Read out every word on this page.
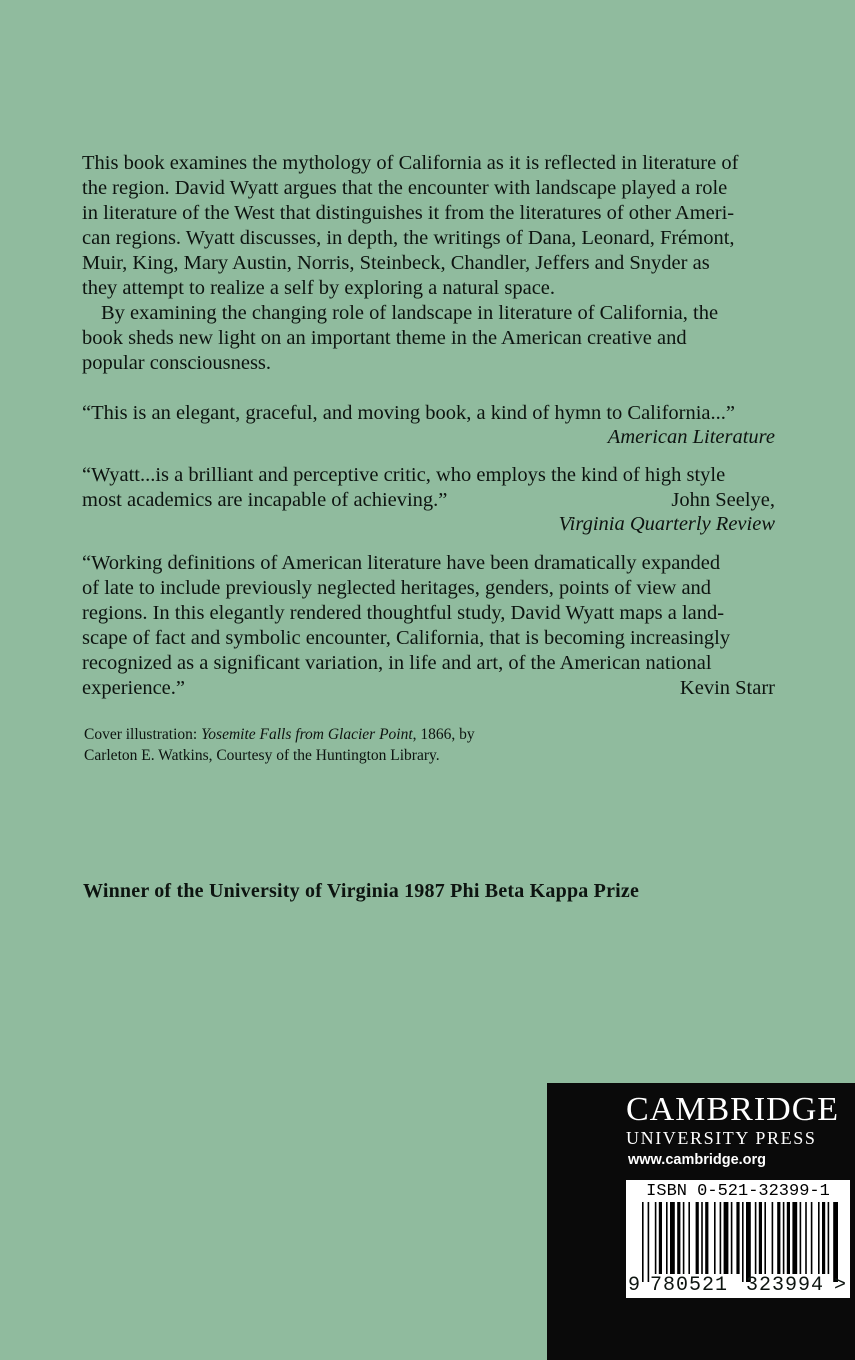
This book examines the mythology of California as it is reflected in literature of
the region. David Wyatt argues that the encounter with landscape played a role
in literature of the West that distinguishes it from the literatures of other Ameri-
can regions. Wyatt discusses, in depth, the writings of Dana, Leonard, Frémont,
Muir, King, Mary Austin, Norris, Steinbeck, Chandler, Jeffers and Snyder as
they attempt to realize a self by exploring a natural space.
By examining the changing role of landscape in literature of California, the
book sheds new light on an important theme in the American creative and
popular consciousness.
“This is an elegant, graceful, and moving book, a kind of hymn to California...”
American Literature
“Wyatt...is a brilliant and perceptive critic, who employs the kind of high style
most academics are incapable of achieving.”	John Seelye,
Virginia Quarterly Review
“Working definitions of American literature have been dramatically expanded
of late to include previously neglected heritages, genders, points of view and
regions. In this elegantly rendered thoughtful study, David Wyatt maps a land-
scape of fact and symbolic encounter, California, that is becoming increasingly
recognized as a significant variation, in life and art, of the American national
experience.”	Kevin Starr
Cover illustration: Yosemite Falls from Glacier Point, 1866, by
Carleton E. Watkins, Courtesy of the Huntington Library.
Winner of the University of Virginia 1987 Phi Beta Kappa Prize
CAMBRIDGE
UNIVERSITY PRESS
www.cambridge.org
ISBN 0-521-32399-1
9 780521 323994 >
